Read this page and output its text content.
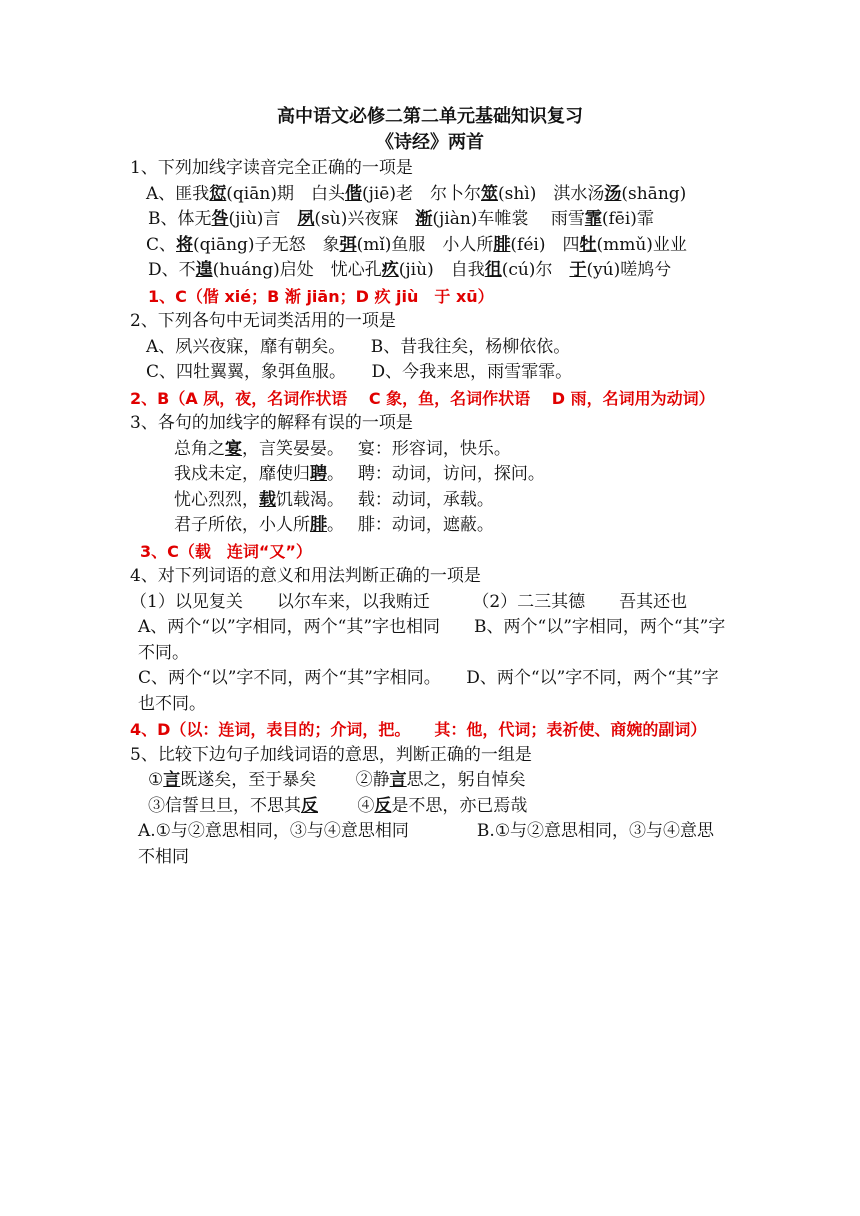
高中语文必修二第二单元基础知识复习
《诗经》两首
1、下列加线字读音完全正确的一项是
A、匪我愆(qiān)期　白头偕(jiē)老　尔卜尔筮(shì)　淇水汤汤(shāng)
B、体无咎(jiù)言　夙(sù)兴夜寐　渐(jiàn)车帷裳　 雨雪霏(fēi)霏
C、将(qiāng)子无怒　象弭(mǐ)鱼服　小人所腓(féi)　四牡(mmǔ)业业
D、不遑(huáng)启处　忧心孔疚(jiù)　自我徂(cú)尔　于(yú)嗟鸠兮
1、C（偕 xié；B 渐 jiān；D 疚 jiù　于 xū）
2、下列各句中无词类活用的一项是
A、夙兴夜寐，靡有朝矣。　　B、昔我往矣，杨柳依依。
C、四牡翼翼，象弭鱼服。　　D、今我来思，雨雪霏霏。
2、B（A 夙，夜，名词作状语　 C 象，鱼，名词作状语　 D 雨，名词用为动词）
3、各句的加线字的解释有误的一项是
总角之宴，言笑晏晏。　 宴：形容词，快乐。
我戍未定，靡使归聘。　 聘：动词，访问，探问。
忧心烈烈，载饥载渴。　 载：动词，承载。
君子所依，小人所腓。　 腓：动词，遮蔽。
3、C（载　连词“又”）
4、对下列词语的意义和用法判断正确的一项是
（1）以见复关　　以尔车来，以我贿迁　　　（2）二三其德　　吾其还也
A、两个“以”字相同，两个“其”字也相同　　B、两个“以”字相同，两个“其”字不同。
C、两个“以”字不同，两个“其”字相同。　　D、两个“以”字不同，两个“其”字也不同。
4、D（以：连词，表目的；介词，把。　　其：他，代词；表祈使、商婉的副词）
5、比较下边句子加线词语的意思，判断正确的一组是
①言既遂矣，至于暴矣　　 ②静言思之，躬自悼矣
③信誓旦旦，不思其反　　 ④反是不思，亦已焉哉
A.①与②意思相同，③与④意思相同　　　　B.①与②意思相同，③与④意思不相同
